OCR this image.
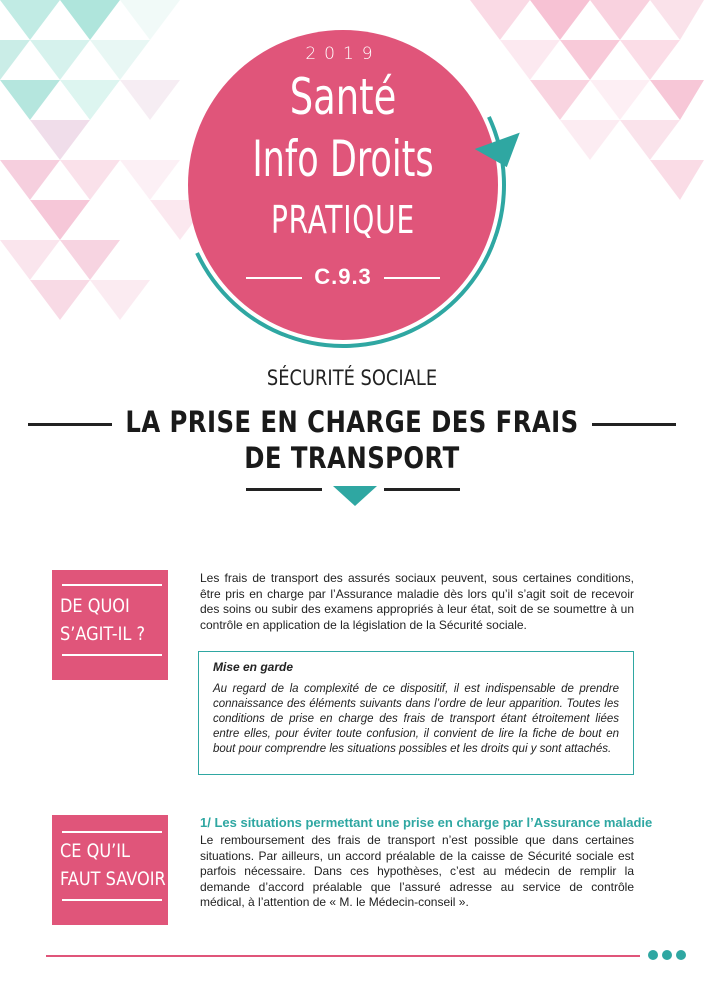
2019
Santé
Info Droits
PRATIQUE
C.9.3
SÉCURITÉ SOCIALE
LA PRISE EN CHARGE DES FRAIS
DE TRANSPORT
DE QUOI
S’AGIT-IL ?
Les frais de transport des assurés sociaux peuvent, sous certaines conditions, être pris en charge par l’Assurance maladie dès lors qu’il s’agit soit de recevoir des soins ou subir des examens appropriés à leur état, soit de se soumettre à un contrôle en application de la législation de la Sécurité sociale.
Mise en garde
Au regard de la complexité de ce dispositif, il est indispensable de prendre connaissance des éléments suivants dans l’ordre de leur apparition. Toutes les conditions de prise en charge des frais de transport étant étroitement liées entre elles, pour éviter toute confusion, il convient de lire la fiche de bout en bout pour comprendre les situations possibles et les droits qui y sont attachés.
CE QU’IL
FAUT SAVOIR
1/ Les situations permettant une prise en charge par l’Assurance maladie
Le remboursement des frais de transport n’est possible que dans certaines situations. Par ailleurs, un accord préalable de la caisse de Sécurité sociale est parfois nécessaire. Dans ces hypothèses, c’est au médecin de remplir la demande d’accord préalable que l’assuré adresse au service de contrôle médical, à l’attention de « M. le Médecin-conseil ».
